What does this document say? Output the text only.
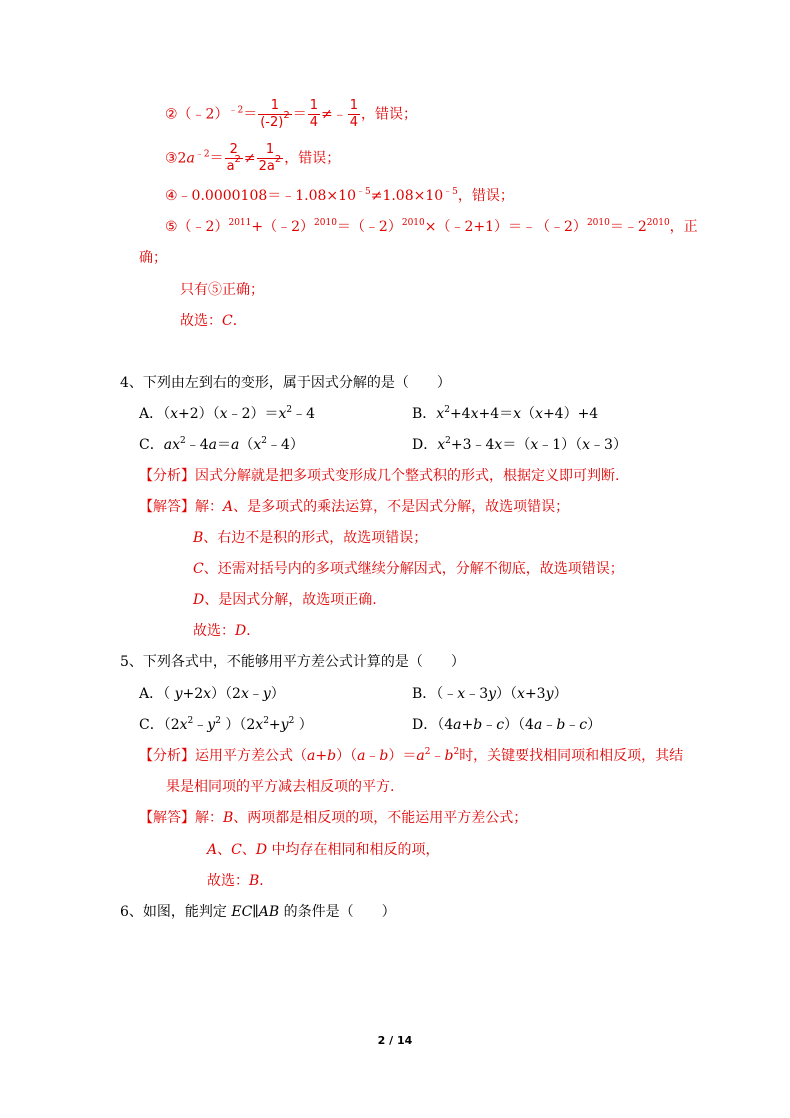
②（﹣2）$^{﹣2}$＝ $\frac{1}{(-2)^2} = \frac{1}{4}$ ≠﹣ $\frac{1}{4}$ ，错误；
$③2a^{﹣2}= \frac{2}{a^2} \ne \frac{1}{2a^2}$ ，错误；
$④﹣0.0000108=﹣1.08\times 10^{﹣5}\ne 1.08\times 10^{﹣5}$，错误；
$⑤(﹣2)^{2011}+(﹣2)^{2010}=(﹣2)^{2010}\times(﹣2+1)=﹣(﹣2)^{2010}=﹣2^{2010}$，正
确；
只有⑤正确；
故选：C．
4、下列由左到右的变形，属于因式分解的是（　　）
A．$(x+2)(x﹣2)=x^2﹣4$	B．$x^2+4x+4=x(x+4)+4$
C．$ax^2﹣4a=a(x^2﹣4)$	D．$x^2+3﹣4x=(x﹣1)(x﹣3)$
【分析】因式分解就是把多项式变形成几个整式积的形式，根据定义即可判断.
【解答】解：A、是多项式的乘法运算，不是因式分解，故选项错误；
B、右边不是积的形式，故选项错误；
C、还需对括号内的多项式继续分解因式，分解不彻底，故选项错误；
D、是因式分解，故选项正确.
故选：D．
5、下列各式中，不能够用平方差公式计算的是（　　）
A．（ y+2x）（2x﹣y）	B．（﹣x﹣3y）（x+3y）
C．（$2x^2﹣y^2$ ）（$2x^2+y^2$ ）	D．（4a+b﹣c）（4a﹣b﹣c）
【分析】运用平方差公式$(a+b)(a﹣b)=a^2﹣b^2$时，关键要找相同项和相反项，其结
果是相同项的平方减去相反项的平方.
【解答】解：B、两项都是相反项的项，不能运用平方差公式；
A、C、D 中均存在相同和相反的项，
故选：B．
6、如图，能判定 EC∥AB 的条件是（　　）
2 / 14
